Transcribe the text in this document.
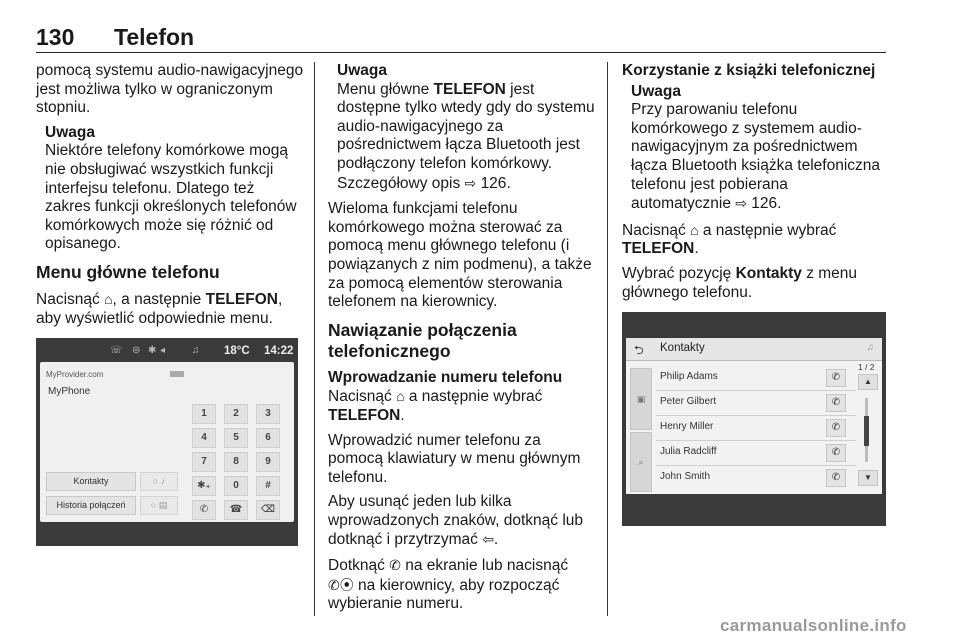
130 Telefon

pomocą systemu audio-nawigacyjnego jest możliwa tylko w ograniczonym stopniu.

Uwaga
Niektóre telefony komórkowe mogą nie obsługiwać wszystkich funkcji interfejsu telefonu. Dlatego też zakres funkcji określonych telefonów komórkowych może się różnić od opisanego.
Menu główne telefonu

Nacisnąć ⌂, a następnie TELEFON, aby wyświetlić odpowiednie menu.

☏ ⊜ ✱ ◂	♫ 18°C 14:22
MyProvider.com
MyPhone
1	2	3
4	5	6
7	8	9
✱₊	0	#
✆	☎	⌫
Kontakty
Historia połączeń
○ ♪
○ ▤
Uwaga
Menu główne TELEFON jest dostępne tylko wtedy gdy do systemu audio-nawigacyjnego za pośrednictwem łącza Bluetooth jest podłączony telefon komórkowy. Szczegółowy opis ⇨ 126.

Wieloma funkcjami telefonu komórkowego można sterować za pomocą menu głównego telefonu (i powiązanych z nim podmenu), a także za pomocą elementów sterowania telefonem na kierownicy.

Nawiązanie połączenia telefonicznego
Wprowadzanie numeru telefonu

Nacisnąć ⌂ a następnie wybrać TELEFON.

Wprowadzić numer telefonu za pomocą klawiatury w menu głównym telefonu.

Aby usunąć jeden lub kilka wprowadzonych znaków, dotknąć lub dotknąć i przytrzymać ⇦.

Dotknąć ✆ na ekranie lub nacisnąć ✆⦿ na kierownicy, aby rozpocząć wybieranie numeru.

Korzystanie z książki telefonicznej
Uwaga
Przy parowaniu telefonu komórkowego z systemem audio-nawigacyjnym za pośrednictwem łącza Bluetooth książka telefoniczna telefonu jest pobierana automatycznie ⇨ 126.

Nacisnąć ⌂ a następnie wybrać TELEFON.

Wybrać pozycję Kontakty z menu głównego telefonu.

⮌ Kontakty	♫
▣
⌕
Philip Adams	✆
Peter Gilbert	✆
Henry Miller	✆
Julia Radcliff	✆
John Smith	✆
1 / 2
▲
▼
carmanualsonline.info
